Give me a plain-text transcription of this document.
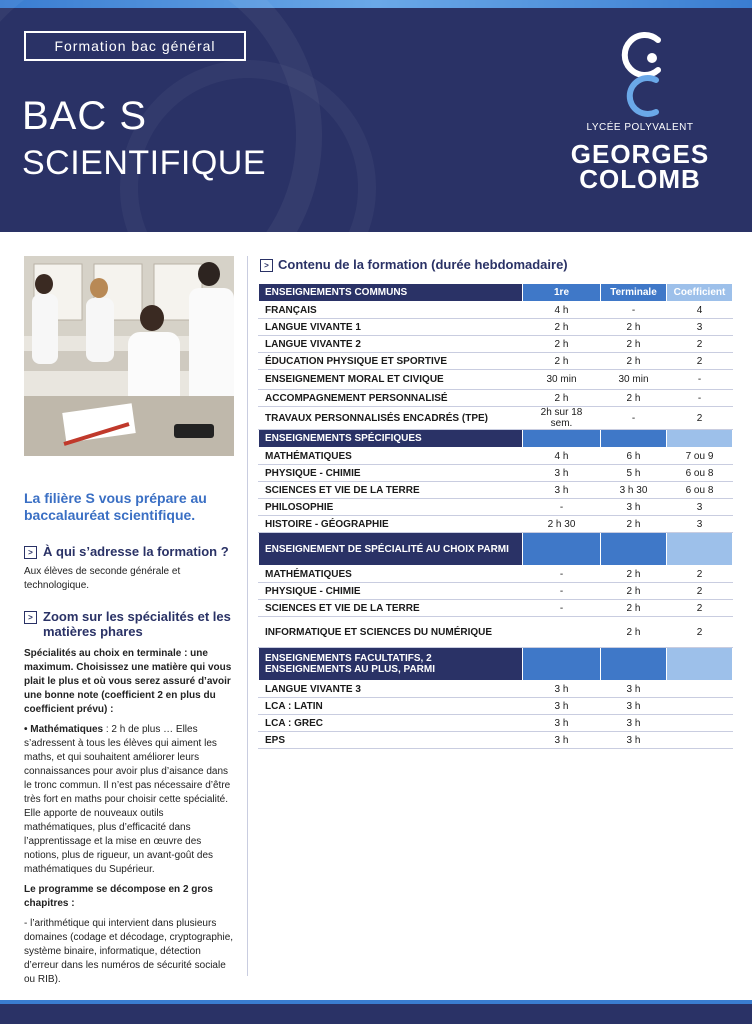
Formation bac général
BAC S
SCIENTIFIQUE
LYCÉE POLYVALENT
GEORGES
COLOMB

La filière S vous prépare au baccalauréat scientifique.

> À qui s’adresse la formation ?

Aux élèves de seconde générale et technologique.

> Zoom sur les spécialités et les matières phares

Spécialités au choix en terminale : une maximum. Choisissez une matière qui vous plait le plus et où vous serez assuré d’avoir une bonne note (coefficient 2 en plus du coefficient prévu) :

• Mathématiques : 2 h de plus … Elles s’adressent à tous les élèves qui aiment les maths, et qui souhaitent améliorer leurs connaissances pour avoir plus d’aisance dans le tronc commun. Il n’est pas nécessaire d’être très fort en maths pour choisir cette spécialité. Elle apporte de nouveaux outils mathématiques, plus d’efficacité dans l’apprentissage et la mise en œuvre des notions, plus de rigueur, un avant-goût des mathématiques du Supérieur.

Le programme se décompose en 2 gros chapitres :

- l’arithmétique qui intervient dans plusieurs domaines (codage et décodage, cryptographie, système binaire, informatique, détection d’erreur dans les numéros de sécurité sociale ou RIB).

> Contenu de la formation (durée hebdomadaire)
ENSEIGNEMENTS COMMUNS	1re	Terminale	Coefficient
FRANÇAIS	4 h	-	4
LANGUE VIVANTE 1	2 h	2 h	3
LANGUE VIVANTE 2	2 h	2 h	2
ÉDUCATION PHYSIQUE ET SPORTIVE	2 h	2 h	2
ENSEIGNEMENT MORAL ET CIVIQUE	30 min	30 min	-
ACCOMPAGNEMENT PERSONNALISÉ	2 h	2 h	-
TRAVAUX PERSONNALISÉS ENCADRÉS (TPE)	2h sur 18 sem.	-	2
ENSEIGNEMENTS SPÉCIFIQUES			
MATHÉMATIQUES	4 h	6 h	7 ou 9
PHYSIQUE - CHIMIE	3 h	5 h	6 ou 8
SCIENCES ET VIE DE LA TERRE	3 h	3 h 30	6 ou 8
PHILOSOPHIE	-	3 h	3
HISTOIRE - GÉOGRAPHIE	2 h 30	2 h	3
ENSEIGNEMENT DE SPÉCIALITÉ AU CHOIX PARMI			
MATHÉMATIQUES	-	2 h	2
PHYSIQUE - CHIMIE	-	2 h	2
SCIENCES ET VIE DE LA TERRE	-	2 h	2
INFORMATIQUE ET SCIENCES DU NUMÉRIQUE		2 h	2
ENSEIGNEMENTS FACULTATIFS, 2 ENSEIGNEMENTS AU PLUS, PARMI			
LANGUE VIVANTE 3	3 h	3 h	
LCA : LATIN	3 h	3 h	
LCA : GREC	3 h	3 h	
EPS	3 h	3 h	
